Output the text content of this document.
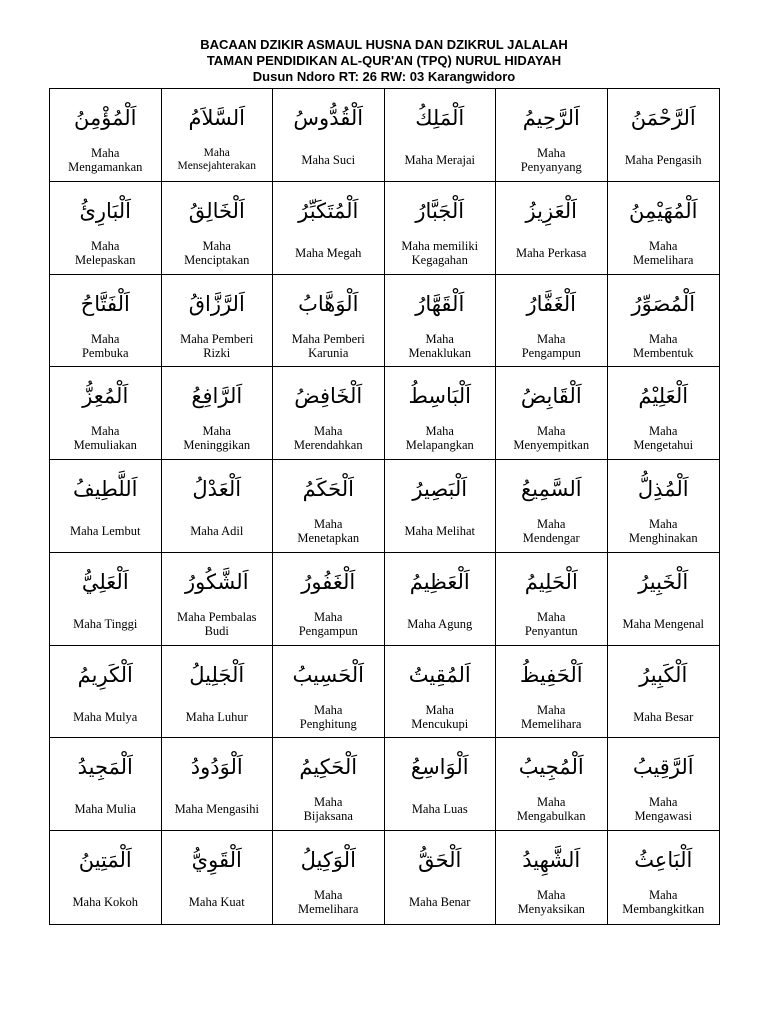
BACAAN DZIKIR ASMAUL HUSNA DAN DZIKRUL JALALAH
TAMAN PENDIDIKAN AL-QUR'AN (TPQ) NURUL HIDAYAH
Dusun Ndoro RT: 26 RW: 03 Karangwidoro
اَلْمُؤْمِنُ
Maha
Mengamankan
اَلسَّلاَمُ
Maha
Mensejahterakan
اَلْقُدُّوسُ
Maha Suci
اَلْمَلِكُ
Maha Merajai
اَلرَّحِيمُ
Maha
Penyanyang
اَلرَّحْمَنُ
Maha Pengasih
اَلْبَارِئُ
Maha
Melepaskan
اَلْخَالِقُ
Maha
Menciptakan
اَلْمُتَكَبِّرُ
Maha Megah
اَلْجَبَّارُ
Maha memiliki
Kegagahan
اَلْعَزِيزُ
Maha Perkasa
اَلْمُهَيْمِنُ
Maha
Memelihara
اَلْفَتَّاحُ
Maha
Pembuka
اَلرَّزَّاقُ
Maha Pemberi
Rizki
اَلْوَهَّابُ
Maha Pemberi
Karunia
اَلْقَهَّارُ
Maha
Menaklukan
اَلْغَفَّارُ
Maha
Pengampun
اَلْمُصَوِّرُ
Maha
Membentuk
اَلْمُعِزُّ
Maha
Memuliakan
اَلرَّافِعُ
Maha
Meninggikan
اَلْخَافِضُ
Maha
Merendahkan
اَلْبَاسِطُ
Maha
Melapangkan
اَلْقَابِضُ
Maha
Menyempitkan
اَلْعَلِيْمُ
Maha
Mengetahui
اَللَّطِيفُ
Maha Lembut
اَلْعَدْلُ
Maha Adil
اَلْحَكَمُ
Maha
Menetapkan
اَلْبَصِيرُ
Maha Melihat
اَلسَّمِيعُ
Maha
Mendengar
اَلْمُذِلُّ
Maha
Menghinakan
اَلْعَلِيُّ
Maha Tinggi
اَلشَّكُورُ
Maha Pembalas
Budi
اَلْغَفُورُ
Maha
Pengampun
اَلْعَظِيمُ
Maha Agung
اَلْحَلِيمُ
Maha
Penyantun
اَلْخَبِيرُ
Maha Mengenal
اَلْكَرِيمُ
Maha Mulya
اَلْجَلِيلُ
Maha Luhur
اَلْحَسِيبُ
Maha
Penghitung
اَلمُقِيتُ
Maha
Mencukupi
اَلْحَفِيظُ
Maha
Memelihara
اَلْكَبِيرُ
Maha Besar
اَلْمَجِيدُ
Maha Mulia
اَلْوَدُودُ
Maha Mengasihi
اَلْحَكِيمُ
Maha
Bijaksana
اَلْوَاسِعُ
Maha Luas
اَلْمُجِيبُ
Maha
Mengabulkan
اَلرَّقِيبُ
Maha
Mengawasi
اَلْمَتِينُ
Maha Kokoh
اَلْقَوِيُّ
Maha Kuat
اَلْوَكِيلُ
Maha
Memelihara
اَلْحَقُّ
Maha Benar
اَلشَّهِيدُ
Maha
Menyaksikan
اَلْبَاعِثُ
Maha
Membangkitkan
